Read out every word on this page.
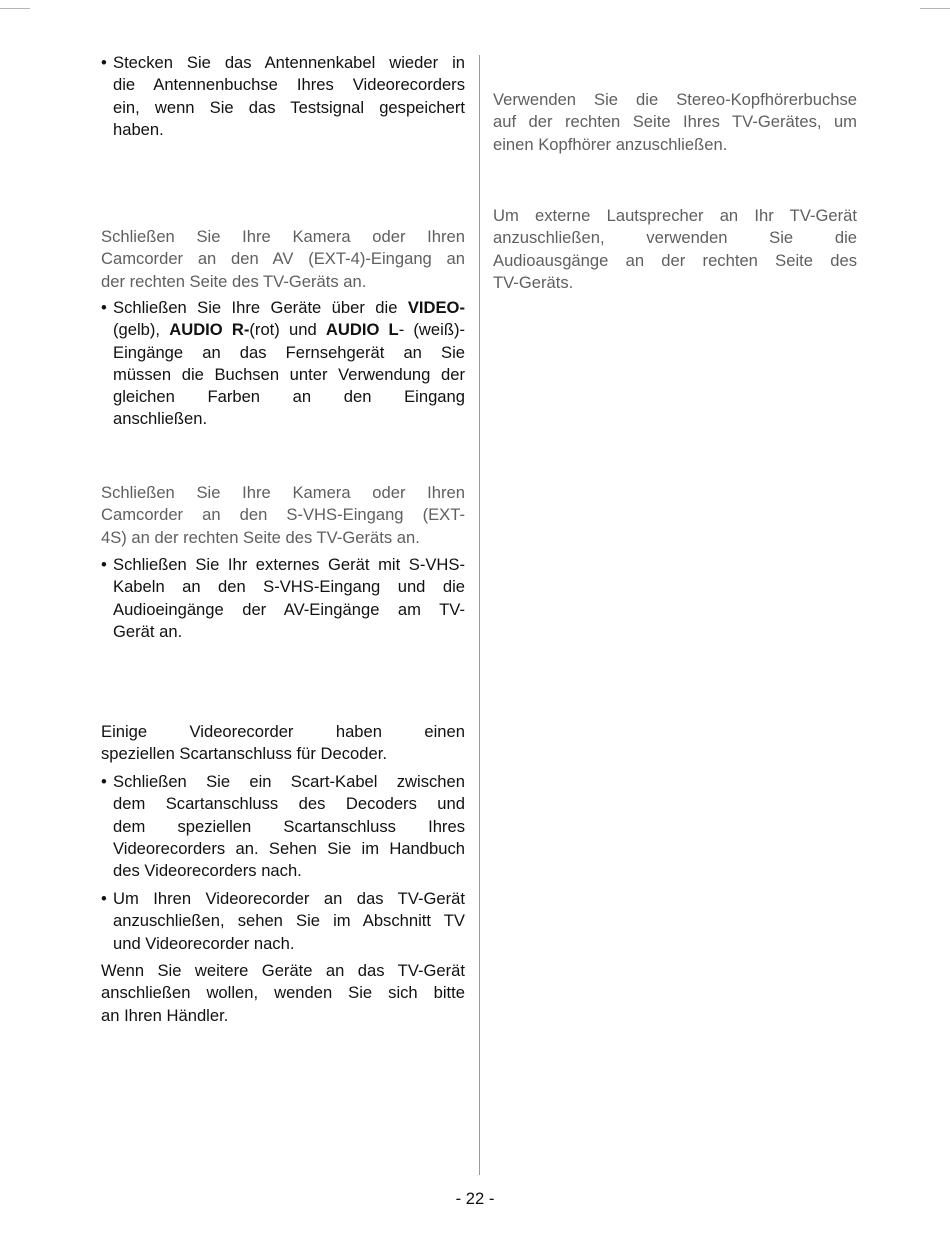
• Stecken Sie das Antennenkabel wieder in
die Antennenbuchse Ihres Videorecorders
ein, wenn Sie das Testsignal gespeichert
haben.
Schließen Sie Ihre Kamera oder Ihren
Camcorder an den AV (EXT-4)-Eingang an
der rechten Seite des TV-Geräts an.
• Schließen Sie Ihre Geräte über die VIDEO-
(gelb), AUDIO R-(rot) und AUDIO L- (weiß)-
Eingänge an das Fernsehgerät an Sie
müssen die Buchsen unter Verwendung der
gleichen Farben an den Eingang
anschließen.
Schließen Sie Ihre Kamera oder Ihren
Camcorder an den S-VHS-Eingang (EXT-
4S) an der rechten Seite des TV-Geräts an.
• Schließen Sie Ihr externes Gerät mit S-VHS-
Kabeln an den S-VHS-Eingang und die
Audioeingänge der AV-Eingänge am TV-
Gerät an.
Einige Videorecorder haben einen
speziellen Scartanschluss für Decoder.
• Schließen Sie ein Scart-Kabel zwischen
dem Scartanschluss des Decoders und
dem speziellen Scartanschluss Ihres
Videorecorders an. Sehen Sie im Handbuch
des Videorecorders nach.
• Um Ihren Videorecorder an das TV-Gerät
anzuschließen, sehen Sie im Abschnitt TV
und Videorecorder nach.
Wenn Sie weitere Geräte an das TV-Gerät
anschließen wollen, wenden Sie sich bitte
an Ihren Händler.
Verwenden Sie die Stereo-Kopfhörerbuchse
auf der rechten Seite Ihres TV-Gerätes, um
einen Kopfhörer anzuschließen.
Um externe Lautsprecher an Ihr TV-Gerät
anzuschließen, verwenden Sie die
Audioausgänge an der rechten Seite des
TV-Geräts.
- 22 -
